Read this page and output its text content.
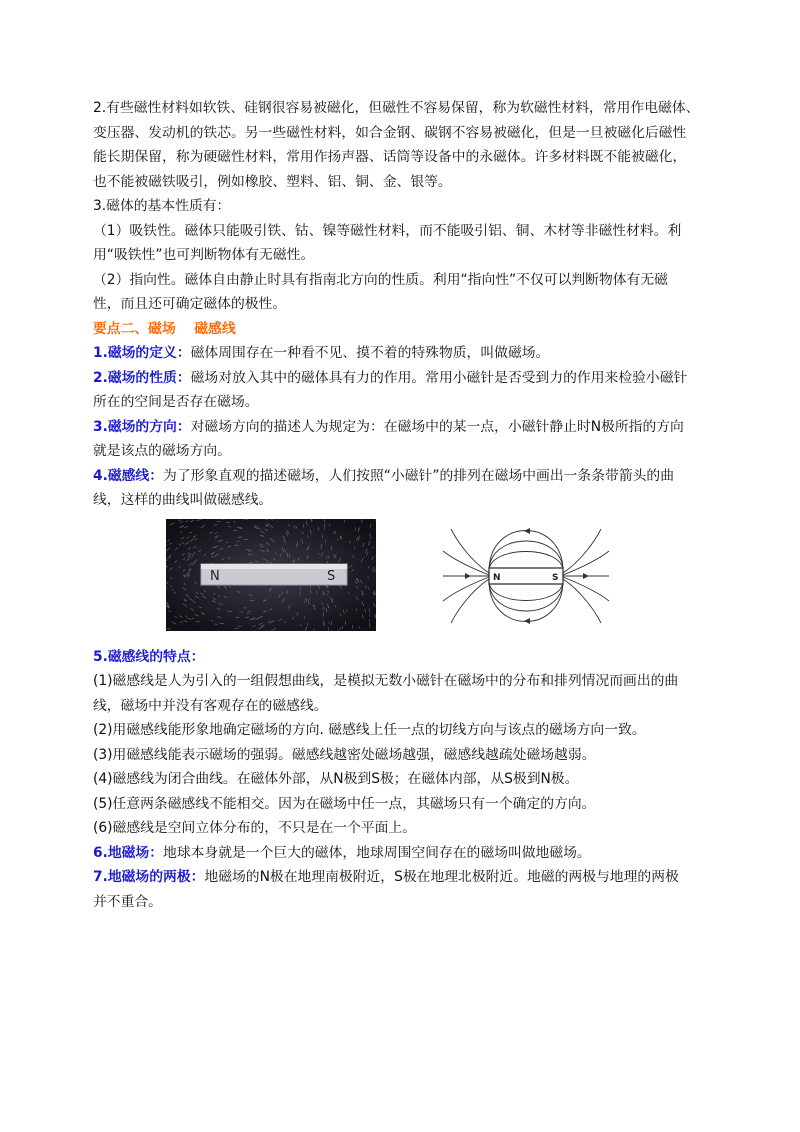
2.有些磁性材料如软铁、硅钢很容易被磁化，但磁性不容易保留，称为软磁性材料，常用作电磁体、
变压器、发动机的铁芯。另一些磁性材料，如合金钢、碳钢不容易被磁化，但是一旦被磁化后磁性
能长期保留，称为硬磁性材料，常用作扬声器、话筒等设备中的永磁体。许多材料既不能被磁化，
也不能被磁铁吸引，例如橡胶、塑料、铝、铜、金、银等。

3.磁体的基本性质有：
（1）吸铁性。磁体只能吸引铁、钴、镍等磁性材料，而不能吸引铝、铜、木材等非磁性材料。利
用“吸铁性”也可判断物体有无磁性。
（2）指向性。磁体自由静止时具有指南北方向的性质。利用“指向性”不仅可以判断物体有无磁
性，而且还可确定磁体的极性。

要点二、磁场　 磁感线

1.磁场的定义：磁体周围存在一种看不见、摸不着的特殊物质，叫做磁场。

2.磁场的性质：磁场对放入其中的磁体具有力的作用。常用小磁针是否受到力的作用来检验小磁针
所在的空间是否存在磁场。

3.磁场的方向：对磁场方向的描述人为规定为：在磁场中的某一点，小磁针静止时N极所指的方向
就是该点的磁场方向。

4.磁感线：为了形象直观的描述磁场，人们按照“小磁针”的排列在磁场中画出一条条带箭头的曲
线，这样的曲线叫做磁感线。

N	S	N	S

5.磁感线的特点：
(1)磁感线是人为引入的一组假想曲线，是模拟无数小磁针在磁场中的分布和排列情况而画出的曲
线，磁场中并没有客观存在的磁感线。
(2)用磁感线能形象地确定磁场的方向. 磁感线上任一点的切线方向与该点的磁场方向一致。
(3)用磁感线能表示磁场的强弱。磁感线越密处磁场越强，磁感线越疏处磁场越弱。
(4)磁感线为闭合曲线。在磁体外部，从N极到S极；在磁体内部，从S极到N极。
(5)任意两条磁感线不能相交。因为在磁场中任一点，其磁场只有一个确定的方向。
(6)磁感线是空间立体分布的，不只是在一个平面上。

6.地磁场：地球本身就是一个巨大的磁体，地球周围空间存在的磁场叫做地磁场。

7.地磁场的两极：地磁场的N极在地理南极附近，S极在地理北极附近。地磁的两极与地理的两极
并不重合。
